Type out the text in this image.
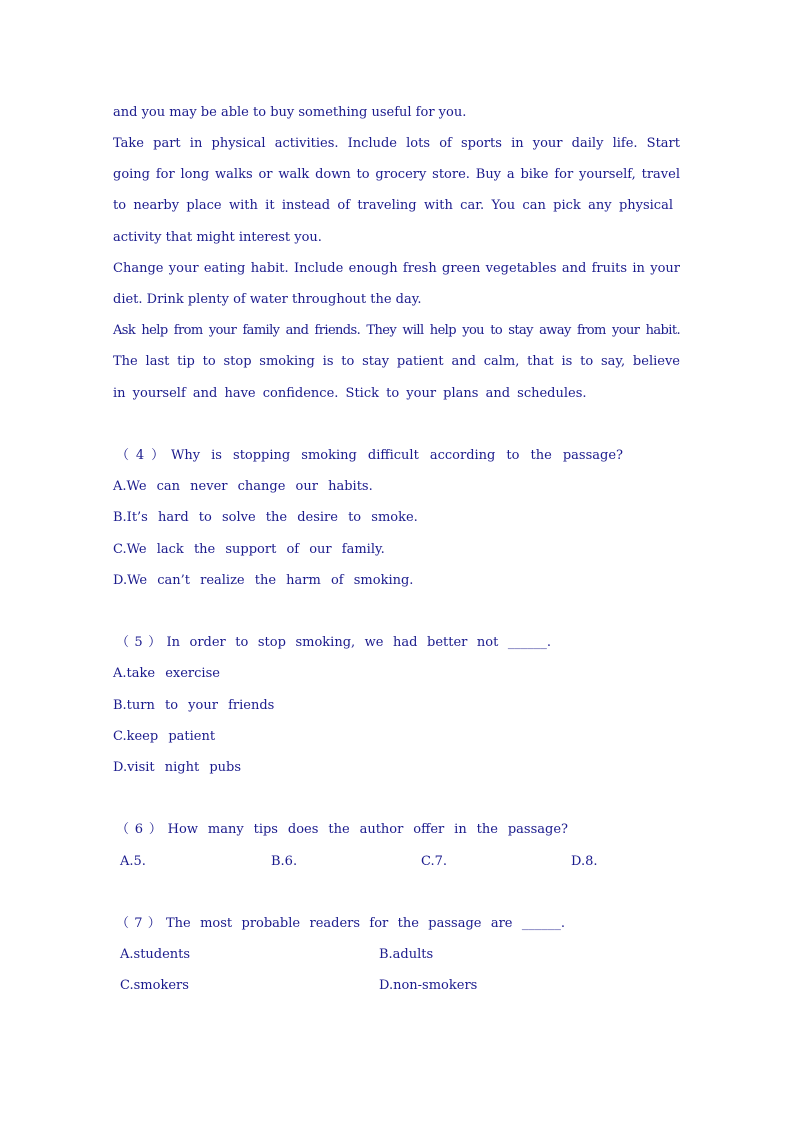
and you may be able to buy something useful for you.
Take part in physical activities. Include lots of sports in your daily life. Start
going for long walks or walk down to grocery store. Buy a bike for yourself, travel
to nearby place with it instead of traveling with car. You can pick any physical
activity that might interest you.
Change your eating habit. Include enough fresh green vegetables and fruits in your
diet. Drink plenty of water throughout the day.
Ask help from your family and friends. They will help you to stay away from your habit.
The last tip to stop smoking is to stay patient and calm, that is to say, believe
in yourself and have confidence. Stick to your plans and schedules.
（4）Why is stopping smoking difficult according to the passage?
A.We can never change our habits.
B.It’s hard to solve the desire to smoke.
C.We lack the support of our family.
D.We can’t realize the harm of smoking.
（5）In order to stop smoking, we had better not ______.
A.take exercise
B.turn to your friends
C.keep patient
D.visit night pubs
（6）How many tips does the author offer in the passage?
A.5.	B.6.	C.7.	D.8.
（7）The most probable readers for the passage are ______.
A.students	B.adults
C.smokers	D.non-smokers
